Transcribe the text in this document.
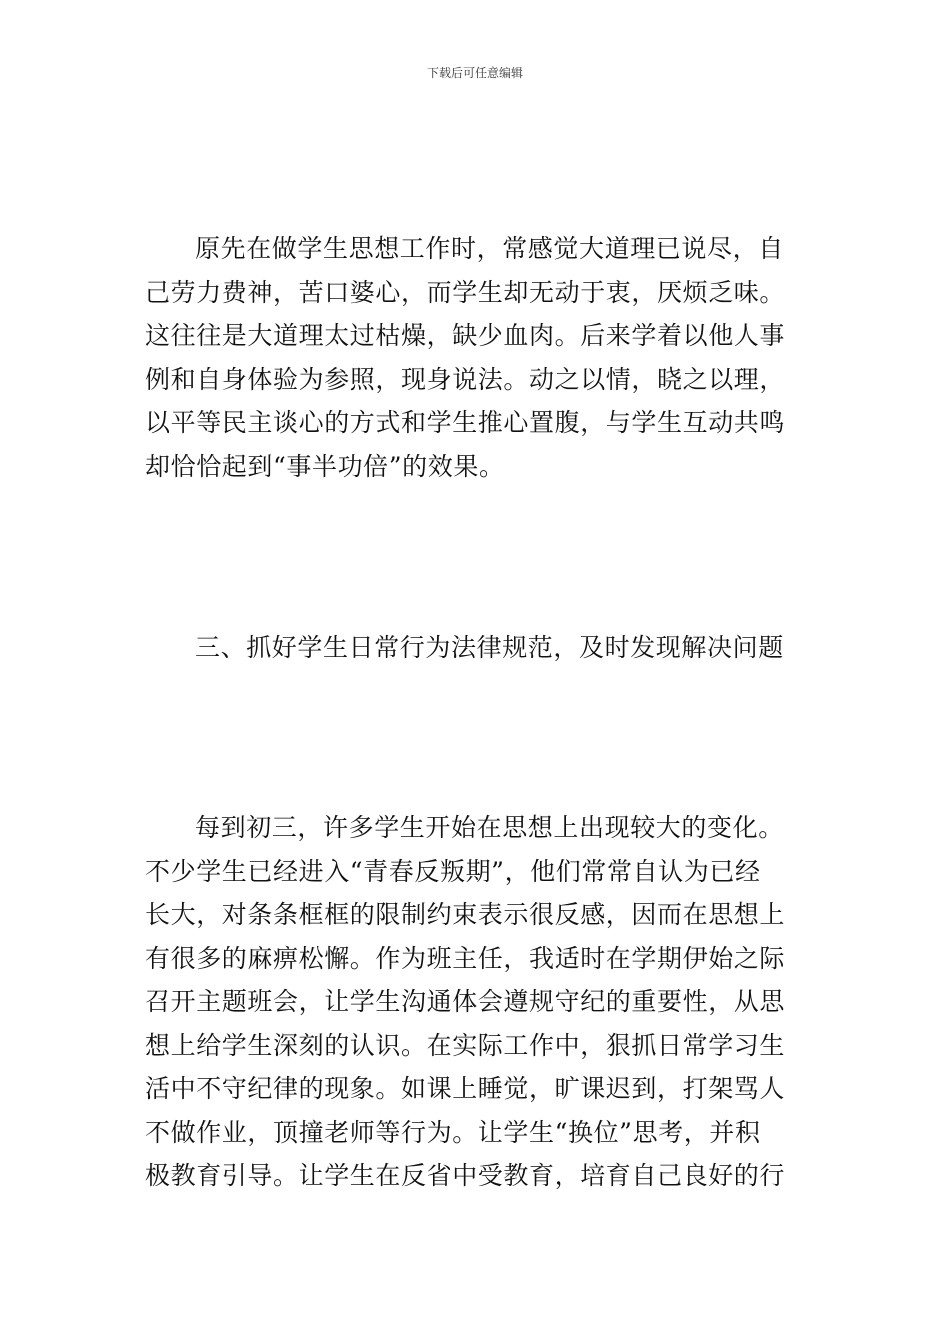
下载后可任意编辑
原先在做学生思想工作时，常感觉大道理已说尽，自
己劳力费神，苦口婆心，而学生却无动于衷，厌烦乏味。
这往往是大道理太过枯燥，缺少血肉。后来学着以他人事
例和自身体验为参照，现身说法。动之以情，晓之以理，
以平等民主谈心的方式和学生推心置腹，与学生互动共鸣
却恰恰起到“事半功倍”的效果。
三、抓好学生日常行为法律规范，及时发现解决问题
每到初三，许多学生开始在思想上出现较大的变化。
不少学生已经进入“青春反叛期”，他们常常自认为已经
长大，对条条框框的限制约束表示很反感，因而在思想上
有很多的麻痹松懈。作为班主任，我适时在学期伊始之际
召开主题班会，让学生沟通体会遵规守纪的重要性，从思
想上给学生深刻的认识。在实际工作中，狠抓日常学习生
活中不守纪律的现象。如课上睡觉，旷课迟到，打架骂人
不做作业，顶撞老师等行为。让学生“换位”思考，并积
极教育引导。让学生在反省中受教育，培育自己良好的行
